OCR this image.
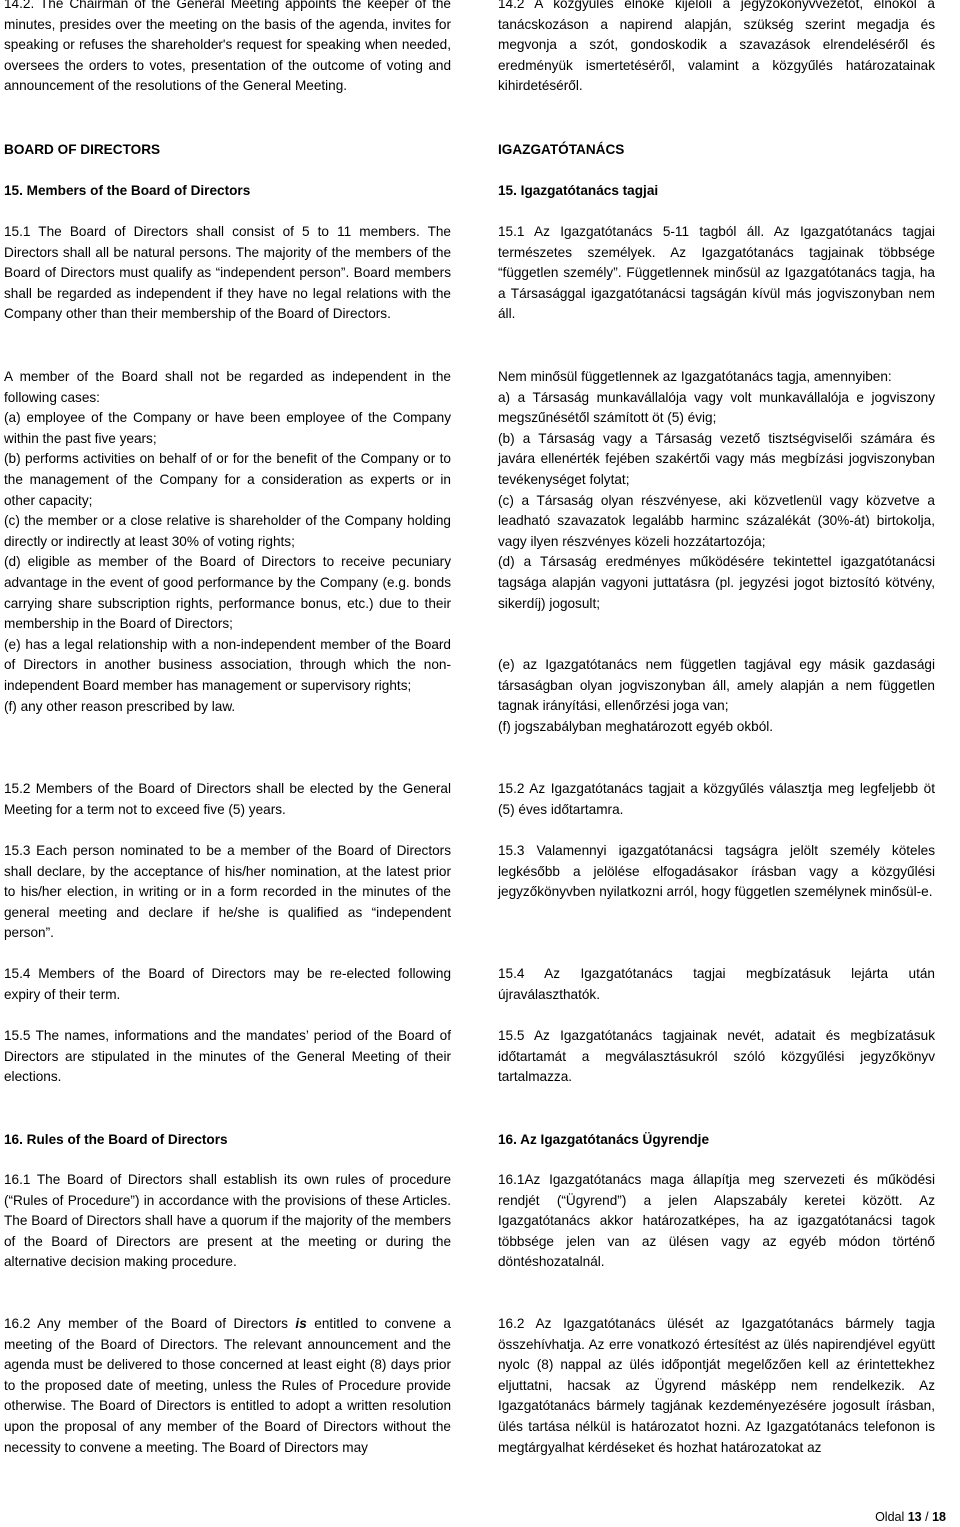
14.2. The Chairman of the General Meeting appoints the keeper of the minutes, presides over the meeting on the basis of the agenda, invites for speaking or refuses the shareholder's request for speaking when needed, oversees the orders to votes, presentation of the outcome of voting and announcement of the resolutions of the General Meeting.

BOARD OF DIRECTORS
15. Members of the Board of Directors

15.1 The Board of Directors shall consist of 5 to 11 members. The Directors shall all be natural persons. The majority of the members of the Board of Directors must qualify as “independent person”. Board members shall be regarded as independent if they have no legal relations with the Company other than their membership of the Board of Directors.

A member of the Board shall not be regarded as independent in the following cases:

(a) employee of the Company or have been employee of the Company within the past five years;

(b) performs activities on behalf of or for the benefit of the Company or to the management of the Company for a consideration as experts or in other capacity;

(c) the member or a close relative is shareholder of the Company holding directly or indirectly at least 30% of voting rights;

(d) eligible as member of the Board of Directors to receive pecuniary advantage in the event of good performance by the Company (e.g. bonds carrying share subscription rights, performance bonus, etc.) due to their membership in the Board of Directors;

(e) has a legal relationship with a non-independent member of the Board of Directors in another business association, through which the non-independent Board member has management or supervisory rights;

(f) any other reason prescribed by law.

15.2 Members of the Board of Directors shall be elected by the General Meeting for a term not to exceed five (5) years.

15.3 Each person nominated to be a member of the Board of Directors shall declare, by the acceptance of his/her nomination, at the latest prior to his/her election, in writing or in a form recorded in the minutes of the general meeting and declare if he/she is qualified as “independent person”.

15.4 Members of the Board of Directors may be re-elected following expiry of their term.

15.5 The names, informations and the mandates’ period of the Board of Directors are stipulated in the minutes of the General Meeting of their elections.

16. Rules of the Board of Directors

16.1 The Board of Directors shall establish its own rules of procedure (“Rules of Procedure”) in accordance with the provisions of these Articles. The Board of Directors shall have a quorum if the majority of the members of the Board of Directors are present at the meeting or during the alternative decision making procedure.

16.2 Any member of the Board of Directors is entitled to convene a meeting of the Board of Directors. The relevant announcement and the agenda must be delivered to those concerned at least eight (8) days prior to the proposed date of meeting, unless the Rules of Procedure provide otherwise. The Board of Directors is entitled to adopt a written resolution upon the proposal of any member of the Board of Directors without the necessity to convene a meeting. The Board of Directors may

14.2 A közgyűlés elnöke kijelöli a jegyzőkönyvvezetőt, elnököl a tanácskozáson a napirend alapján, szükség szerint megadja és megvonja a szót, gondoskodik a szavazások elrendeléséről és eredményük ismertetéséről, valamint a közgyűlés határozatainak kihirdetéséről.

IGAZGATÓTANÁCS
15. Igazgatótanács tagjai

15.1 Az Igazgatótanács 5-11 tagból áll. Az Igazgatótanács tagjai természetes személyek. Az Igazgatótanács tagjainak többsége “független személy”. Függetlennek minősül az Igazgatótanács tagja, ha a Társasággal igazgatótanácsi tagságán kívül más jogviszonyban nem áll.

Nem minősül függetlennek az Igazgatótanács tagja, amennyiben:

a) a Társaság munkavállalója vagy volt munkavállalója e jogviszony megszűnésétől számított öt (5) évig;

(b) a Társaság vagy a Társaság vezető tisztségviselői számára és javára ellenérték fejében szakértői vagy más megbízási jogviszonyban tevékenységet folytat;

(c) a Társaság olyan részvényese, aki közvetlenül vagy közvetve a leadható szavazatok legalább harminc százalékát (30%-át) birtokolja, vagy ilyen részvényes közeli hozzátartozója;

(d) a Társaság eredményes működésére tekintettel igazgatótanácsi tagsága alapján vagyoni juttatásra (pl. jegyzési jogot biztosító kötvény, sikerdíj) jogosult;

(e) az Igazgatótanács nem független tagjával egy másik gazdasági társaságban olyan jogviszonyban áll, amely alapján a nem független tagnak irányítási, ellenőrzési joga van;

(f) jogszabályban meghatározott egyéb okból.

15.2 Az Igazgatótanács tagjait a közgyűlés választja meg legfeljebb öt (5) éves időtartamra.

15.3 Valamennyi igazgatótanácsi tagságra jelölt személy köteles legkésőbb a jelölése elfogadásakor írásban vagy a közgyűlési jegyzőkönyvben nyilatkozni arról, hogy független személynek minősül-e.

15.4 Az Igazgatótanács tagjai megbízatásuk lejárta után újraválaszthatók.

15.5 Az Igazgatótanács tagjainak nevét, adatait és megbízatásuk időtartamát a megválasztásukról szóló közgyűlési jegyzőkönyv tartalmazza.

16. Az Igazgatótanács Ügyrendje

16.1Az Igazgatótanács maga állapítja meg szervezeti és működési rendjét (“Ügyrend”) a jelen Alapszabály keretei között. Az Igazgatótanács akkor határozatképes, ha az igazgatótanácsi tagok többsége jelen van az ülésen vagy az egyéb módon történő döntéshozatalnál.

16.2 Az Igazgatótanács ülését az Igazgatótanács bármely tagja összehívhatja. Az erre vonatkozó értesítést az ülés napirendjével együtt nyolc (8) nappal az ülés időpontját megelőzően kell az érintettekhez eljuttatni, hacsak az Ügyrend másképp nem rendelkezik. Az Igazgatótanács bármely tagjának kezdeményezésére jogosult írásban, ülés tartása nélkül is határozatot hozni. Az Igazgatótanács telefonon is megtárgyalhat kérdéseket és hozhat határozatokat az

Oldal 13 / 18
